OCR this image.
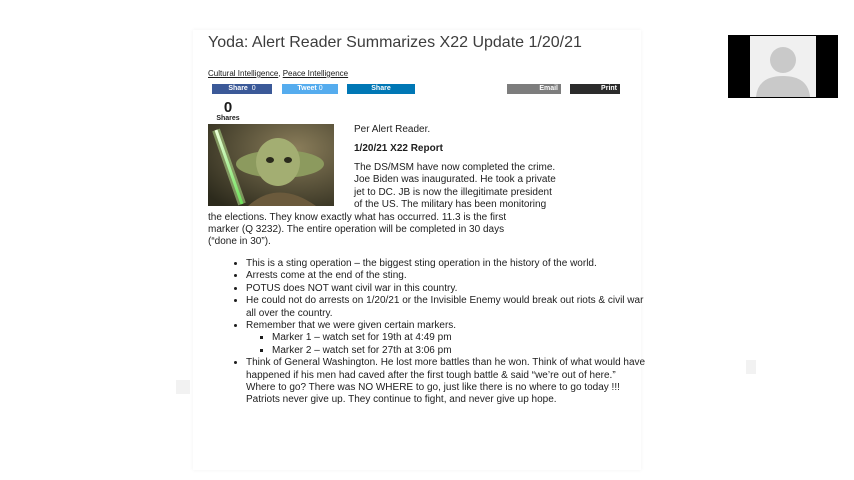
Yoda: Alert Reader Summarizes X22 Update 1/20/21
Cultural Intelligence, Peace Intelligence
Share 0	Tweet 0	Share	Email	Print
0
Shares
Per Alert Reader.
1/20/21 X22 Report
The DS/MSM have now completed the crime.
Joe Biden was inaugurated. He took a private
jet to DC. JB is now the illegitimate president
of the US. The military has been monitoring
the elections. They know exactly what has occurred. 11.3 is the first
marker (Q 3232). The entire operation will be completed in 30 days
(“done in 30”).
• This is a sting operation – the biggest sting operation in the history of the world.
• Arrests come at the end of the sting.
• POTUS does NOT want civil war in this country.
• He could not do arrests on 1/20/21 or the Invisible Enemy would break out riots & civil war all over the country.
• Remember that we were given certain markers.
▪ Marker 1 – watch set for 19th at 4:49 pm
▪ Marker 2 – watch set for 27th at 3:06 pm
• Think of General Washington. He lost more battles than he won. Think of what would have happened if his men had caved after the first tough battle & said “we’re out of here.” Where to go? There was NO WHERE to go, just like there is no where to go today !!! Patriots never give up. They continue to fight, and never give up hope.
